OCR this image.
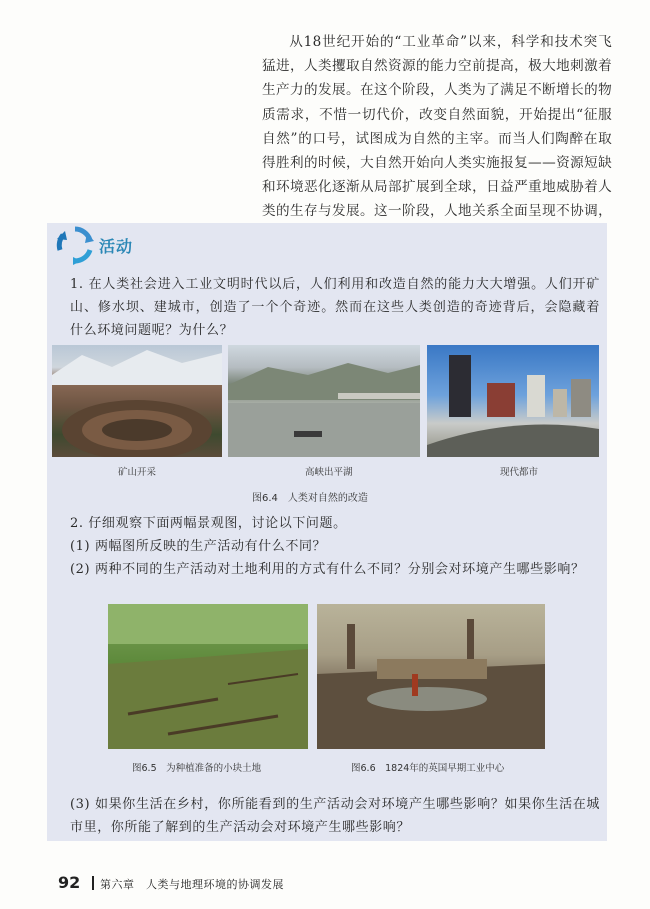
从18世纪开始的“工业革命”以来，科学和技术突飞猛进，人类攫取自然资源的能力空前提高，极大地刺激着生产力的发展。在这个阶段，人类为了满足不断增长的物质需求，不惜一切代价，改变自然面貌，开始提出“征服自然”的口号，试图成为自然的主宰。而当人们陶醉在取得胜利的时候，大自然开始向人类实施报复——资源短缺和环境恶化逐渐从局部扩展到全球，日益严重地威胁着人类的生存与发展。这一阶段，人地关系全面呈现不协调，

活动
1. 在人类社会进入工业文明时代以后，人们利用和改造自然的能力大大增强。人们开矿山、修水坝、建城市，创造了一个个奇迹。然而在这些人类创造的奇迹背后，会隐藏着什么环境问题呢？为什么？
矿山开采	高峡出平湖	现代都市
图6.4　人类对自然的改造
2. 仔细观察下面两幅景观图，讨论以下问题。
(1) 两幅图所反映的生产活动有什么不同？
(2) 两种不同的生产活动对土地利用的方式有什么不同？分别会对环境产生哪些影响？
图6.5　为种植准备的小块土地	图6.6　1824年的英国早期工业中心
(3) 如果你生活在乡村，你所能看到的生产活动会对环境产生哪些影响？如果你生活在城市里，你所能了解到的生产活动会对环境产生哪些影响？
92 第六章　人类与地理环境的协调发展
